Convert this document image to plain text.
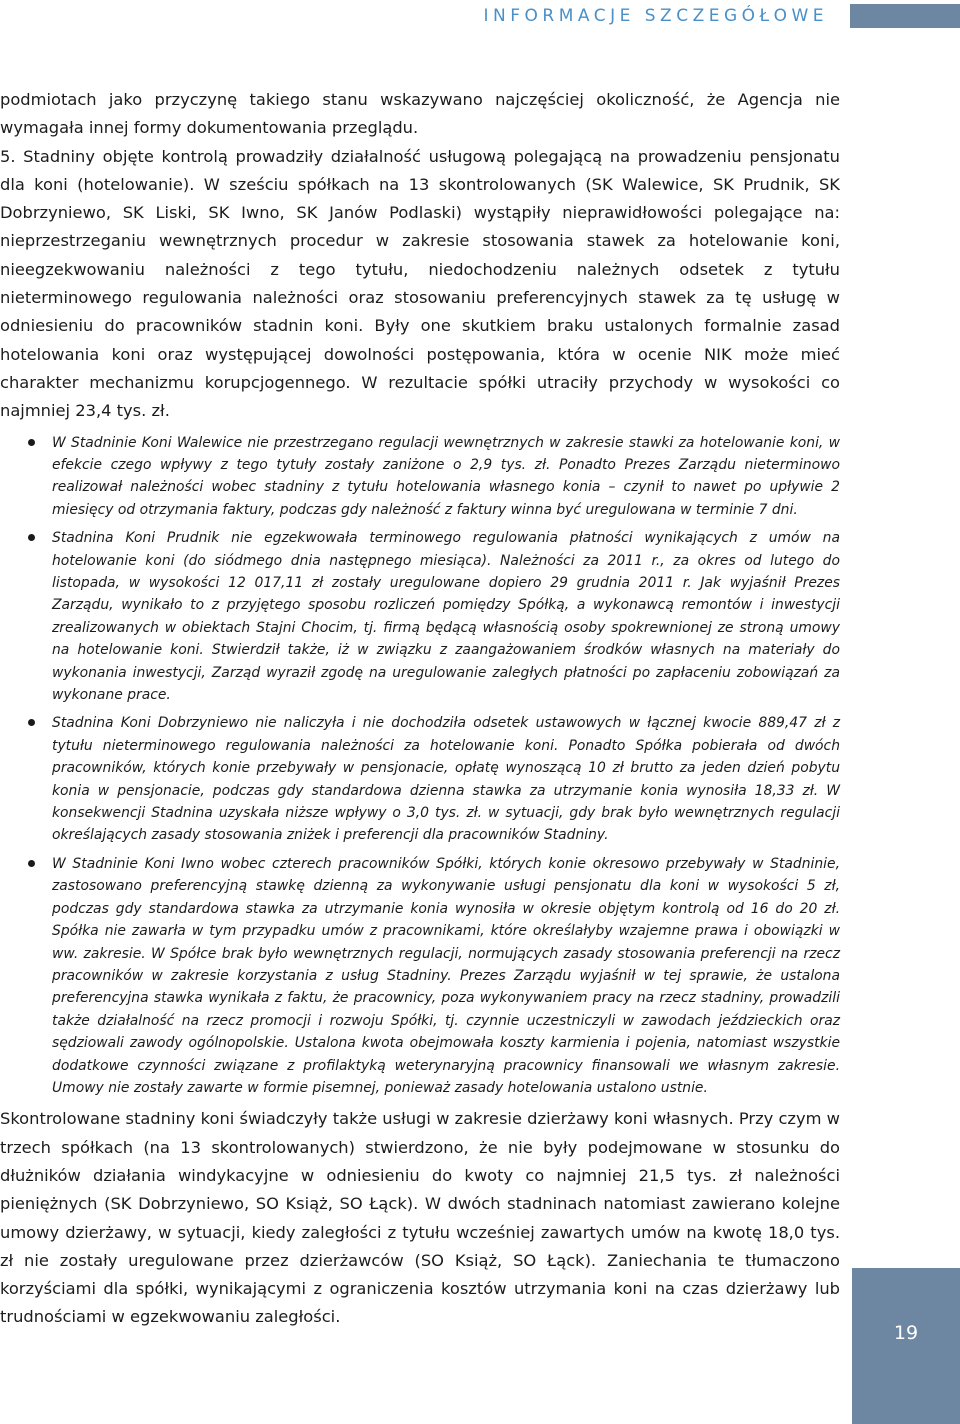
INFORMACJE SZCZEGÓŁOWE

podmiotach jako przyczynę takiego stanu wskazywano najczęściej okoliczność, że Agencja nie wymagała innej formy dokumentowania przeglądu.

5. Stadniny objęte kontrolą prowadziły działalność usługową polegającą na prowadzeniu pensjonatu dla koni (hotelowanie). W sześciu spółkach na 13 skontrolowanych (SK Walewice, SK Prudnik, SK Dobrzyniewo, SK Liski, SK Iwno, SK Janów Podlaski) wystąpiły nieprawidłowości polegające na: nieprzestrzeganiu wewnętrznych procedur w zakresie stosowania stawek za hotelowanie koni, nieegzekwowaniu należności z tego tytułu, niedochodzeniu należnych odsetek z tytułu nieterminowego regulowania należności oraz stosowaniu preferencyjnych stawek za tę usługę w odniesieniu do pracowników stadnin koni. Były one skutkiem braku ustalonych formalnie zasad hotelowania koni oraz występującej dowolności postępowania, która w ocenie NIK może mieć charakter mechanizmu korupcjogennego. W rezultacie spółki utraciły przychody w wysokości co najmniej 23,4 tys. zł.

W Stadninie Koni Walewice nie przestrzegano regulacji wewnętrznych w zakresie stawki za hotelowanie koni, w efekcie czego wpływy z tego tytuły zostały zaniżone o 2,9 tys. zł. Ponadto Prezes Zarządu nieterminowo realizował należności wobec stadniny z tytułu hotelowania własnego konia – czynił to nawet po upływie 2 miesięcy od otrzymania faktury, podczas gdy należność z faktury winna być uregulowana w terminie 7 dni.
Stadnina Koni Prudnik nie egzekwowała terminowego regulowania płatności wynikających z umów na hotelowanie koni (do siódmego dnia następnego miesiąca). Należności za 2011 r., za okres od lutego do listopada, w wysokości 12 017,11 zł zostały uregulowane dopiero 29 grudnia 2011 r. Jak wyjaśnił Prezes Zarządu, wynikało to z przyjętego sposobu rozliczeń pomiędzy Spółką, a wykonawcą remontów i inwestycji zrealizowanych w obiektach Stajni Chocim, tj. firmą będącą własnością osoby spokrewnionej ze stroną umowy na hotelowanie koni. Stwierdził także, iż w związku z zaangażowaniem środków własnych na materiały do wykonania inwestycji, Zarząd wyraził zgodę na uregulowanie zaległych płatności po zapłaceniu zobowiązań za wykonane prace.
Stadnina Koni Dobrzyniewo nie naliczyła i nie dochodziła odsetek ustawowych w łącznej kwocie 889,47 zł z tytułu nieterminowego regulowania należności za hotelowanie koni. Ponadto Spółka pobierała od dwóch pracowników, których konie przebywały w pensjonacie, opłatę wynoszącą 10 zł brutto za jeden dzień pobytu konia w pensjonacie, podczas gdy standardowa dzienna stawka za utrzymanie konia wynosiła 18,33 zł. W konsekwencji Stadnina uzyskała niższe wpływy o 3,0 tys. zł. w sytuacji, gdy brak było wewnętrznych regulacji określających zasady stosowania zniżek i preferencji dla pracowników Stadniny.
W Stadninie Koni Iwno wobec czterech pracowników Spółki, których konie okresowo przebywały w Stadninie, zastosowano preferencyjną stawkę dzienną za wykonywanie usługi pensjonatu dla koni w wysokości 5 zł, podczas gdy standardowa stawka za utrzymanie konia wynosiła w okresie objętym kontrolą od 16 do 20 zł. Spółka nie zawarła w tym przypadku umów z pracownikami, które określałyby wzajemne prawa i obowiązki w ww. zakresie. W Spółce brak było wewnętrznych regulacji, normujących zasady stosowania preferencji na rzecz pracowników w zakresie korzystania z usług Stadniny. Prezes Zarządu wyjaśnił w tej sprawie, że ustalona preferencyjna stawka wynikała z faktu, że pracownicy, poza wykonywaniem pracy na rzecz stadniny, prowadzili także działalność na rzecz promocji i rozwoju Spółki, tj. czynnie uczestniczyli w zawodach jeździeckich oraz sędziowali zawody ogólnopolskie. Ustalona kwota obejmowała koszty karmienia i pojenia, natomiast wszystkie dodatkowe czynności związane z profilaktyką weterynaryjną pracownicy finansowali we własnym zakresie. Umowy nie zostały zawarte w formie pisemnej, ponieważ zasady hotelowania ustalono ustnie.

Skontrolowane stadniny koni świadczyły także usługi w zakresie dzierżawy koni własnych. Przy czym w trzech spółkach (na 13 skontrolowanych) stwierdzono, że nie były podejmowane w stosunku do dłużników działania windykacyjne w odniesieniu do kwoty co najmniej 21,5 tys. zł należności pieniężnych (SK Dobrzyniewo, SO Książ, SO Łąck). W dwóch stadninach natomiast zawierano kolejne umowy dzierżawy, w sytuacji, kiedy zaległości z tytułu wcześniej zawartych umów na kwotę 18,0 tys. zł nie zostały uregulowane przez dzierżawców (SO Książ, SO Łąck). Zaniechania te tłumaczono korzyściami dla spółki, wynikającymi z ograniczenia kosztów utrzymania koni na czas dzierżawy lub trudnościami w egzekwowaniu zaległości.

19
